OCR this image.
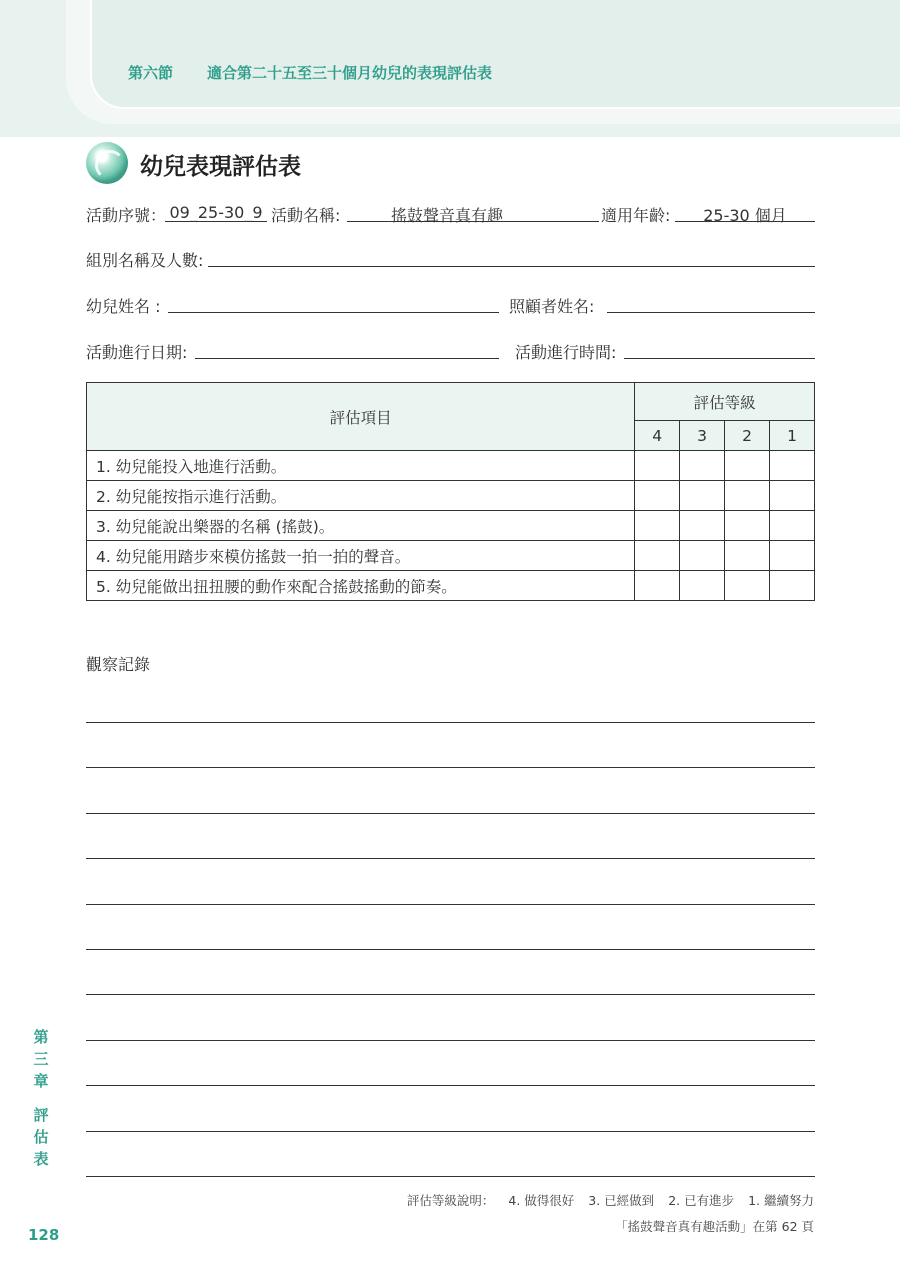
第六節 適合第二十五至三十個月幼兒的表現評估表
幼兒表現評估表
活動序號： 09_25-30_9 活動名稱:	搖鼓聲音真有趣	適用年齡:	25-30 個月
組別名稱及人數:
幼兒姓名 :	照顧者姓名:
活動進行日期:	活動進行時間:
評估項目	評估等級			
	4	3	2	1
1. 幼兒能投入地進行活動。				
2. 幼兒能按指示進行活動。				
3. 幼兒能說出樂器的名稱 (搖鼓)。				
4. 幼兒能用踏步來模仿搖鼓一拍一拍的聲音。				
5. 幼兒能做出扭扭腰的動作來配合搖鼓搖動的節奏。				
觀察記錄
第
三
章
評
估
表
128
評估等級說明： 4. 做得很好 3. 已經做到 2. 已有進步 1. 繼續努力
「搖鼓聲音真有趣活動」在第 62 頁
